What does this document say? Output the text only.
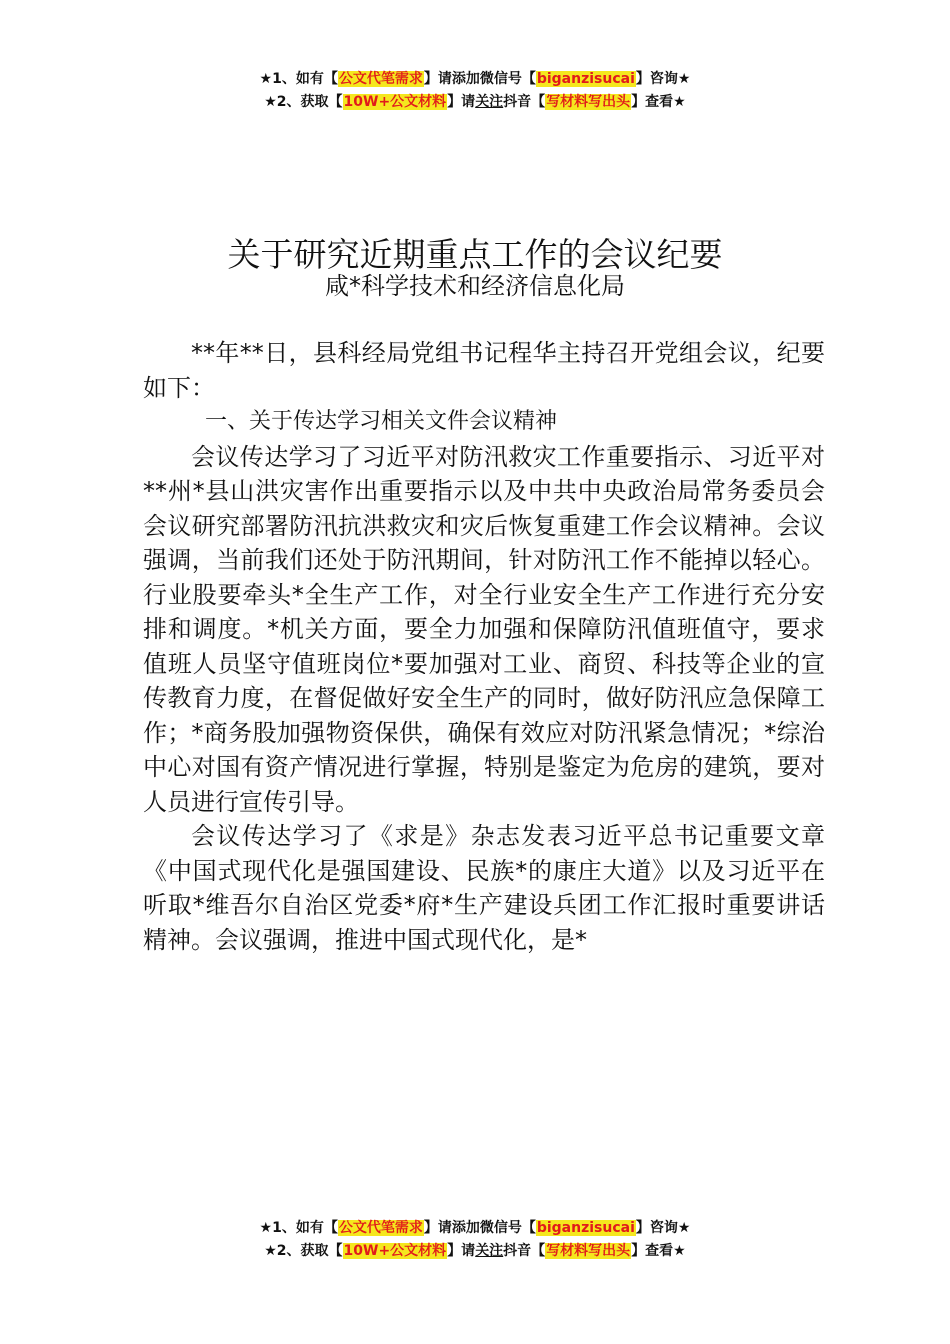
★1、如有【公文代笔需求】请添加微信号【biganzisucai】咨询★
★2、获取【10W+公文材料】请关注抖音【写材料写出头】查看★
关于研究近期重点工作的会议纪要
咸*科学技术和经济信息化局

**年**日，县科经局党组书记程华主持召开党组会议，纪要如下：

一、关于传达学习相关文件会议精神

会议传达学习了习近平对防汛救灾工作重要指示、习近平对**州*县山洪灾害作出重要指示以及中共中央政治局常务委员会会议研究部署防汛抗洪救灾和灾后恢复重建工作会议精神。会议强调，当前我们还处于防汛期间，针对防汛工作不能掉以轻心。行业股要牵头*全生产工作，对全行业安全生产工作进行充分安排和调度。*机关方面，要全力加强和保障防汛值班值守，要求值班人员坚守值班岗位*要加强对工业、商贸、科技等企业的宣传教育力度，在督促做好安全生产的同时，做好防汛应急保障工作；*商务股加强物资保供，确保有效应对防汛紧急情况；*综治中心对国有资产情况进行掌握，特别是鉴定为危房的建筑，要对人员进行宣传引导。

会议传达学习了《求是》杂志发表习近平总书记重要文章《中国式现代化是强国建设、民族*的康庄大道》以及习近平在听取*维吾尔自治区党委*府*生产建设兵团工作汇报时重要讲话精神。会议强调，推进中国式现代化，是*

★1、如有【公文代笔需求】请添加微信号【biganzisucai】咨询★
★2、获取【10W+公文材料】请关注抖音【写材料写出头】查看★
